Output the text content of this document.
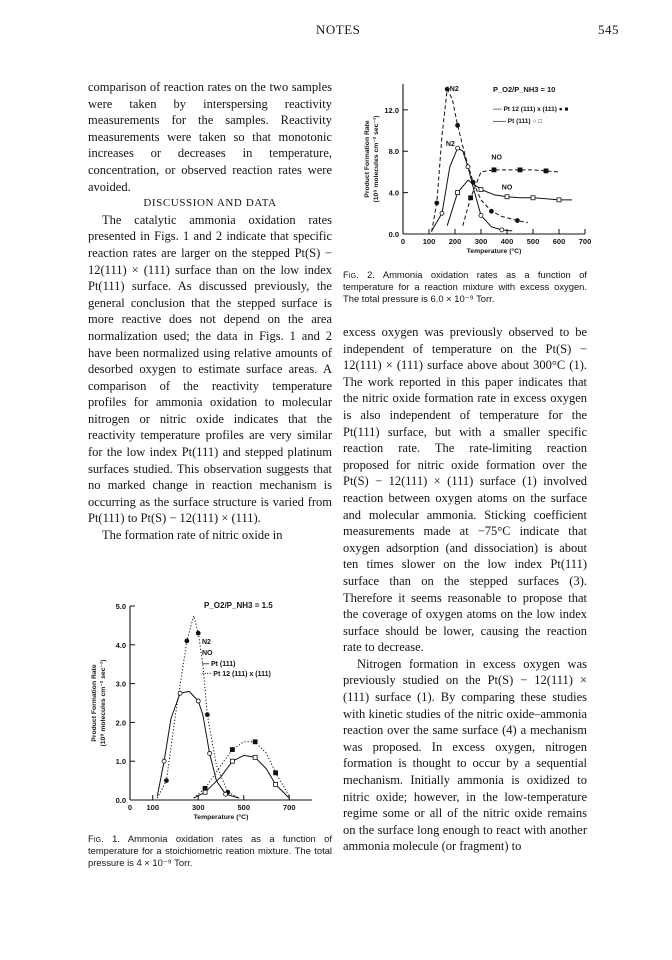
NOTES	545

comparison of reaction rates on the two samples were taken by interspersing reactivity measurements for the samples. Reactivity measurements were taken so that monotonic increases or decreases in temperature, concentration, or observed reaction rates were avoided.

DISCUSSION AND DATA

The catalytic ammonia oxidation rates presented in Figs. 1 and 2 indicate that specific reaction rates are larger on the stepped Pt(S) − 12(111) × (111) surface than on the low index Pt(111) surface. As discussed previously, the general conclusion that the stepped surface is more reactive does not depend on the area normalization used; the data in Figs. 1 and 2 have been normalized using relative amounts of desorbed oxygen to estimate surface areas. A comparison of the reactivity temperature profiles for ammonia oxidation to molecular nitrogen or nitric oxide indicates that the reactivity temperature profiles are very similar for the low index Pt(111) and stepped platinum surfaces studied. This observation suggests that no marked change in reaction mechanism is occurring as the surface structure is varied from Pt(111) to Pt(S) − 12(111) × (111).

The formation rate of nitric oxide in

excess oxygen was previously observed to be independent of temperature on the Pt(S) − 12(111) × (111) surface above about 300°C (1). The work reported in this paper indicates that the nitric oxide formation rate in excess oxygen is also independent of temperature for the Pt(111) surface, but with a smaller specific reaction rate. The rate-limiting reaction proposed for nitric oxide formation over the Pt(S) − 12(111) × (111) surface (1) involved reaction between oxygen atoms on the surface and molecular ammonia. Sticking coefficient measurements made at −75°C indicate that oxygen adsorption (and dissociation) is about ten times slower on the low index Pt(111) surface than on the stepped surfaces (3). Therefore it seems reasonable to propose that the coverage of oxygen atoms on the low index surface should be lower, causing the reaction rate to decrease.

Nitrogen formation in excess oxygen was previously studied on the Pt(S) − 12(111) × (111) surface (1). By comparing these studies with kinetic studies of the nitric oxide–ammonia reaction over the same surface (4) a mechanism was proposed. In excess oxygen, nitrogen formation is thought to occur by a sequential mechanism. Initially ammonia is oxidized to nitric oxide; however, in the low-temperature regime some or all of the nitric oxide remains on the surface long enough to react with another ammonia molecule (or fragment) to

0.0
4.0
8.0
12.0
0 100 200 300 400 500 600 700
Temperature (°C)
Product Formation Rate (10⁹ molecules cm⁻² sec⁻¹)
P_O2/P_NH3 = 10
---- Pt 12 (111) x (111) ● ■
—— Pt (111) ○ □
N2
N2
NO
NO
Fig. 2. Ammonia oxidation rates as a function of temperature for a reaction mixture with excess oxygen. The total pressure is 6.0 × 10⁻⁹ Torr.
0.0
1.0
2.0
3.0
4.0
5.0
0 100	300	500	700
Temperature (°C)
Product Formation Rate (10⁹ molecules cm⁻² sec⁻¹)
P_O2/P_NH3 = 1.5
N2
NO
— Pt (111)
···· Pt 12 (111) x (111)
Fig. 1. Ammonia oxidation rates as a function of temperature for a stoichiometric reation mixture. The total pressure is 4 × 10⁻⁹ Torr.
